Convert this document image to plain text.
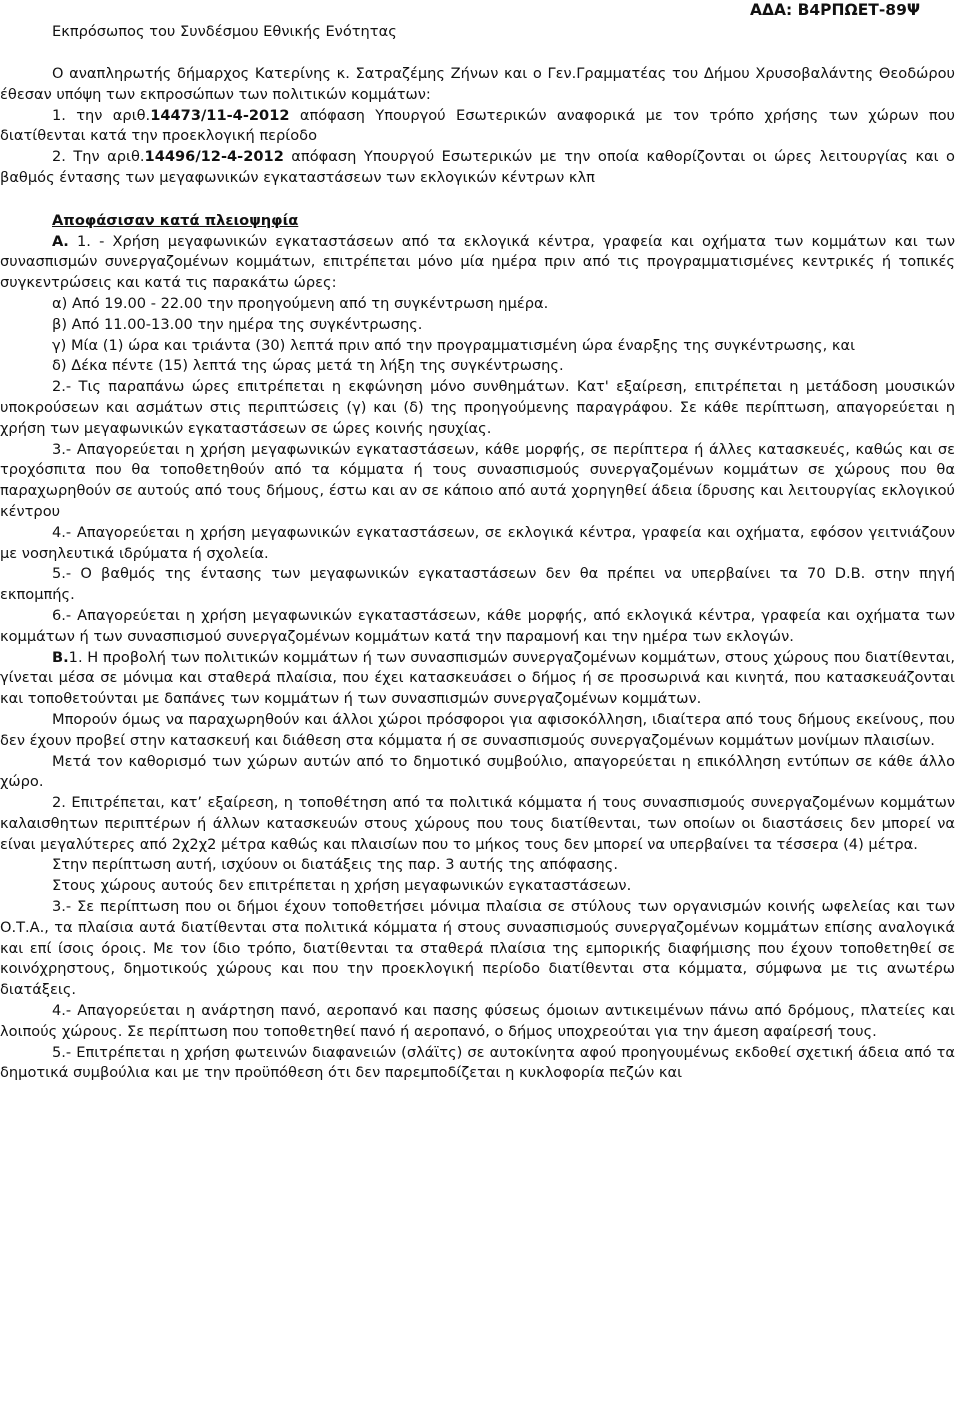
Εκπρόσωπος του Συνδέσμου Εθνικής Ενότητας
ΑΔΑ: Β4ΡΠΩΕΤ-89Ψ
Ο αναπληρωτής δήμαρχος Κατερίνης κ. Σατραζέμης Ζήνων και ο Γεν.Γραμματέας του Δήμου Χρυσοβαλάντης Θεοδώρου έθεσαν υπόψη των εκπροσώπων των πολιτικών κομμάτων:
1. την αριθ.14473/11-4-2012 απόφαση Υπουργού Εσωτερικών αναφορικά με τον τρόπο χρήσης των χώρων που διατίθενται κατά την προεκλογική περίοδο
2. Την αριθ.14496/12-4-2012 απόφαση Υπουργού Εσωτερικών με την οποία καθορίζονται οι ώρες λειτουργίας και ο βαθμός έντασης των μεγαφωνικών εγκαταστάσεων των εκλογικών κέντρων κλπ
Αποφάσισαν κατά πλειοψηφία
Α. 1. - Χρήση μεγαφωνικών εγκαταστάσεων από τα εκλογικά κέντρα, γραφεία και οχήματα των κομμάτων και των συνασπισμών συνεργαζομένων κομμάτων, επιτρέπεται μόνο μία ημέρα πριν από τις προγραμματισμένες κεντρικές ή τοπικές συγκεντρώσεις και κατά τις παρακάτω ώρες:
α) Από 19.00 - 22.00 την προηγούμενη από τη συγκέντρωση ημέρα.
β) Από 11.00-13.00 την ημέρα της συγκέντρωσης.
γ) Μία (1) ώρα και τριάντα (30) λεπτά πριν από την προγραμματισμένη ώρα έναρξης της συγκέντρωσης, και
δ) Δέκα πέντε (15) λεπτά της ώρας μετά τη λήξη της συγκέντρωσης.
2.- Τις παραπάνω ώρες επιτρέπεται η εκφώνηση μόνο συνθημάτων. Κατ' εξαίρεση, επιτρέπεται η μετάδοση μουσικών υποκρούσεων και ασμάτων στις περιπτώσεις (γ) και (δ) της προηγούμενης παραγράφου. Σε κάθε περίπτωση, απαγορεύεται η χρήση των μεγαφωνικών εγκαταστάσεων σε ώρες κοινής ησυχίας.
3.- Απαγορεύεται η χρήση μεγαφωνικών εγκαταστάσεων, κάθε μορφής, σε περίπτερα ή άλλες κατασκευές, καθώς και σε τροχόσπιτα που θα τοποθετηθούν από τα κόμματα ή τους συνασπισμούς συνεργαζομένων κομμάτων σε χώρους που θα παραχωρηθούν σε αυτούς από τους δήμους, έστω και αν σε κάποιο από αυτά χορηγηθεί άδεια ίδρυσης και λειτουργίας εκλογικού κέντρου
4.- Απαγορεύεται η χρήση μεγαφωνικών εγκαταστάσεων, σε εκλογικά κέντρα, γραφεία και οχήματα, εφόσον γειτνιάζουν με νοσηλευτικά ιδρύματα ή σχολεία.
5.- Ο βαθμός της έντασης των μεγαφωνικών εγκαταστάσεων δεν θα πρέπει να υπερβαίνει τα 70 D.B. στην πηγή εκπομπής.
6.- Απαγορεύεται η χρήση μεγαφωνικών εγκαταστάσεων, κάθε μορφής, από εκλογικά κέντρα, γραφεία και οχήματα των κομμάτων ή των συνασπισμού συνεργαζομένων κομμάτων κατά την παραμονή και την ημέρα των εκλογών.
Β.1. Η προβολή των πολιτικών κομμάτων ή των συνασπισμών συνεργαζομένων κομμάτων, στους χώρους που διατίθενται, γίνεται μέσα σε μόνιμα και σταθερά πλαίσια, που έχει κατασκευάσει ο δήμος ή σε προσωρινά και κινητά, που κατασκευάζονται και τοποθετούνται με δαπάνες των κομμάτων ή των συνασπισμών συνεργαζομένων κομμάτων.
Μπορούν όμως να παραχωρηθούν και άλλοι χώροι πρόσφοροι για αφισοκόλληση, ιδιαίτερα από τους δήμους εκείνους, που δεν έχουν προβεί στην κατασκευή και διάθεση στα κόμματα ή σε συνασπισμούς συνεργαζομένων κομμάτων μονίμων πλαισίων.
Μετά τον καθορισμό των χώρων αυτών από το δημοτικό συμβούλιο, απαγορεύεται η επικόλληση εντύπων σε κάθε άλλο χώρο.
2. Επιτρέπεται, κατ’ εξαίρεση, η τοποθέτηση από τα πολιτικά κόμματα ή τους συνασπισμούς συνεργαζομένων κομμάτων καλαισθητων περιπτέρων ή άλλων κατασκευών στους χώρους που τους διατίθενται, των οποίων οι διαστάσεις δεν μπορεί να είναι μεγαλύτερες από 2χ2χ2 μέτρα καθώς και πλαισίων που το μήκος τους δεν μπορεί να υπερβαίνει τα τέσσερα (4) μέτρα.
Στην περίπτωση αυτή, ισχύουν οι διατάξεις της παρ. 3 αυτής της απόφασης.
Στους χώρους αυτούς δεν επιτρέπεται η χρήση μεγαφωνικών εγκαταστάσεων.
3.- Σε περίπτωση που οι δήμοι έχουν τοποθετήσει μόνιμα πλαίσια σε στύλους των οργανισμών κοινής ωφελείας και των Ο.Τ.Α., τα πλαίσια αυτά διατίθενται στα πολιτικά κόμματα ή στους συνασπισμούς συνεργαζομένων κομμάτων επίσης αναλογικά και επί ίσοις όροις. Με τον ίδιο τρόπο, διατίθενται τα σταθερά πλαίσια της εμπορικής διαφήμισης που έχουν τοποθετηθεί σε κοινόχρηστους, δημοτικούς χώρους και που την προεκλογική περίοδο διατίθενται στα κόμματα, σύμφωνα με τις ανωτέρω διατάξεις.
4.- Απαγορεύεται η ανάρτηση πανό, αεροπανό και πασης φύσεως όμοιων αντικειμένων πάνω από δρόμους, πλατείες και λοιπούς χώρους. Σε περίπτωση που τοποθετηθεί πανό ή αεροπανό, ο δήμος υποχρεούται για την άμεση αφαίρεσή τους.
5.- Επιτρέπεται η χρήση φωτεινών διαφανειών (σλάϊτς) σε αυτοκίνητα αφού προηγουμένως εκδοθεί σχετική άδεια από τα δημοτικά συμβούλια και με την προϋπόθεση ότι δεν παρεμποδίζεται η κυκλοφορία πεζών και
